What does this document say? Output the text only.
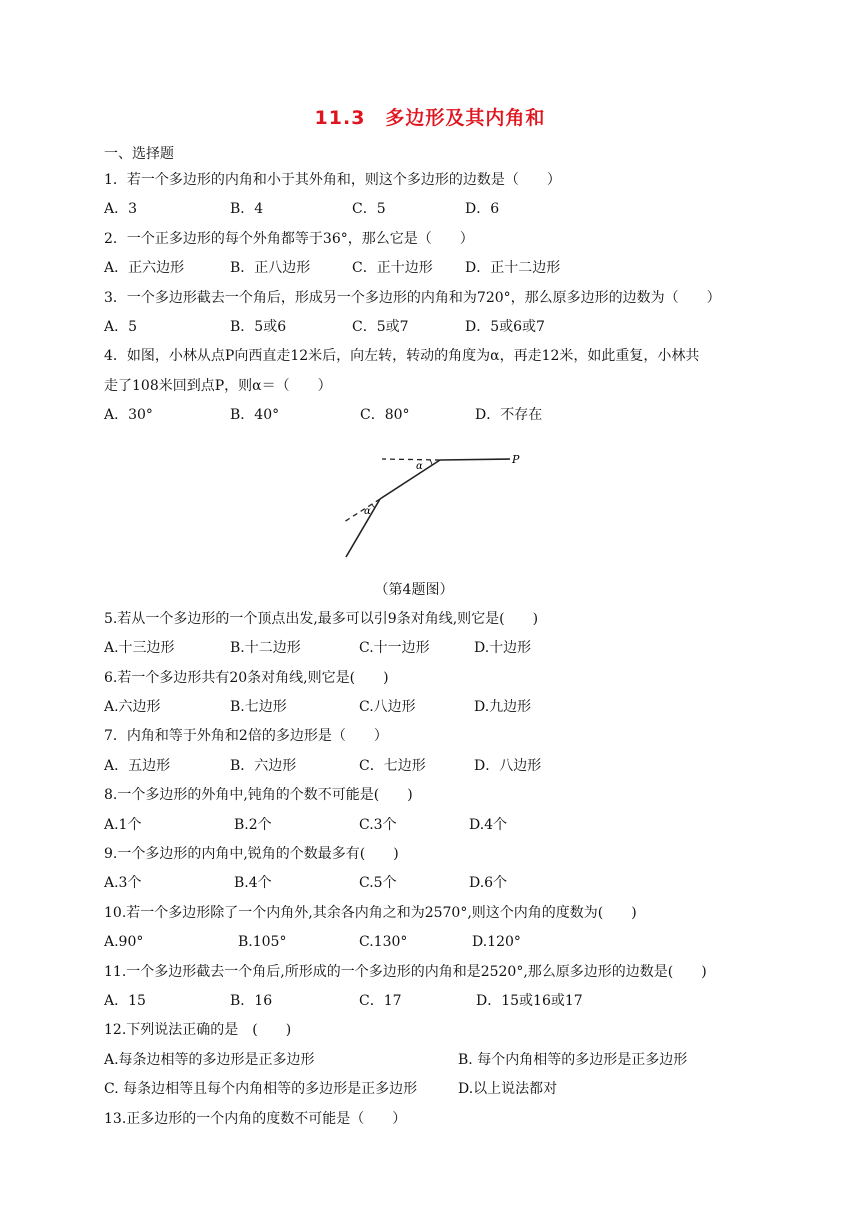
11.3　多边形及其内角和
一、选择题
1．若一个多边形的内角和小于其外角和，则这个多边形的边数是（　　）
A．3	B．4	C．5	D．6
2．一个正多边形的每个外角都等于36°，那么它是（　　）
A．正六边形	B．正八边形	C．正十边形 D．正十二边形
3．一个多边形截去一个角后，形成另一个多边形的内角和为720°，那么原多边形的边数为（　　）
A．5	B．5或6	C．5或7	D．5或6或7
4．如图，小林从点P向西直走12米后，向左转，转动的角度为α，再走12米，如此重复，小林共
走了108米回到点P，则α＝（　　）
A．30°	B．40°	C．80°	D．不存在
P
α
α
（第4题图）
5.若从一个多边形的一个顶点出发,最多可以引9条对角线,则它是(　　)
A.十三边形	B.十二边形	C.十一边形	D.十边形
6.若一个多边形共有20条对角线,则它是(　　)
A.六边形	B.七边形	C.八边形	D.九边形
7．内角和等于外角和2倍的多边形是（　　）
A．五边形	B．六边形	C．七边形	D．八边形
8.一个多边形的外角中,钝角的个数不可能是(　　)
A.1个	B.2个	C.3个	D.4个
9.一个多边形的内角中,锐角的个数最多有(　　)
A.3个	B.4个	C.5个	D.6个
10.若一个多边形除了一个内角外,其余各内角之和为2570°,则这个内角的度数为(　　)
A.90°	B.105°	C.130°	D.120°
11.一个多边形截去一个角后,所形成的一个多边形的内角和是2520°,那么原多边形的边数是(　　)
A．15	B．16	C．17	D．15或16或17
12.下列说法正确的是　(　　)
A.每条边相等的多边形是正多边形	B. 每个内角相等的多边形是正多边形
C. 每条边相等且每个内角相等的多边形是正多边形	D.以上说法都对
13.正多边形的一个内角的度数不可能是（　　）
